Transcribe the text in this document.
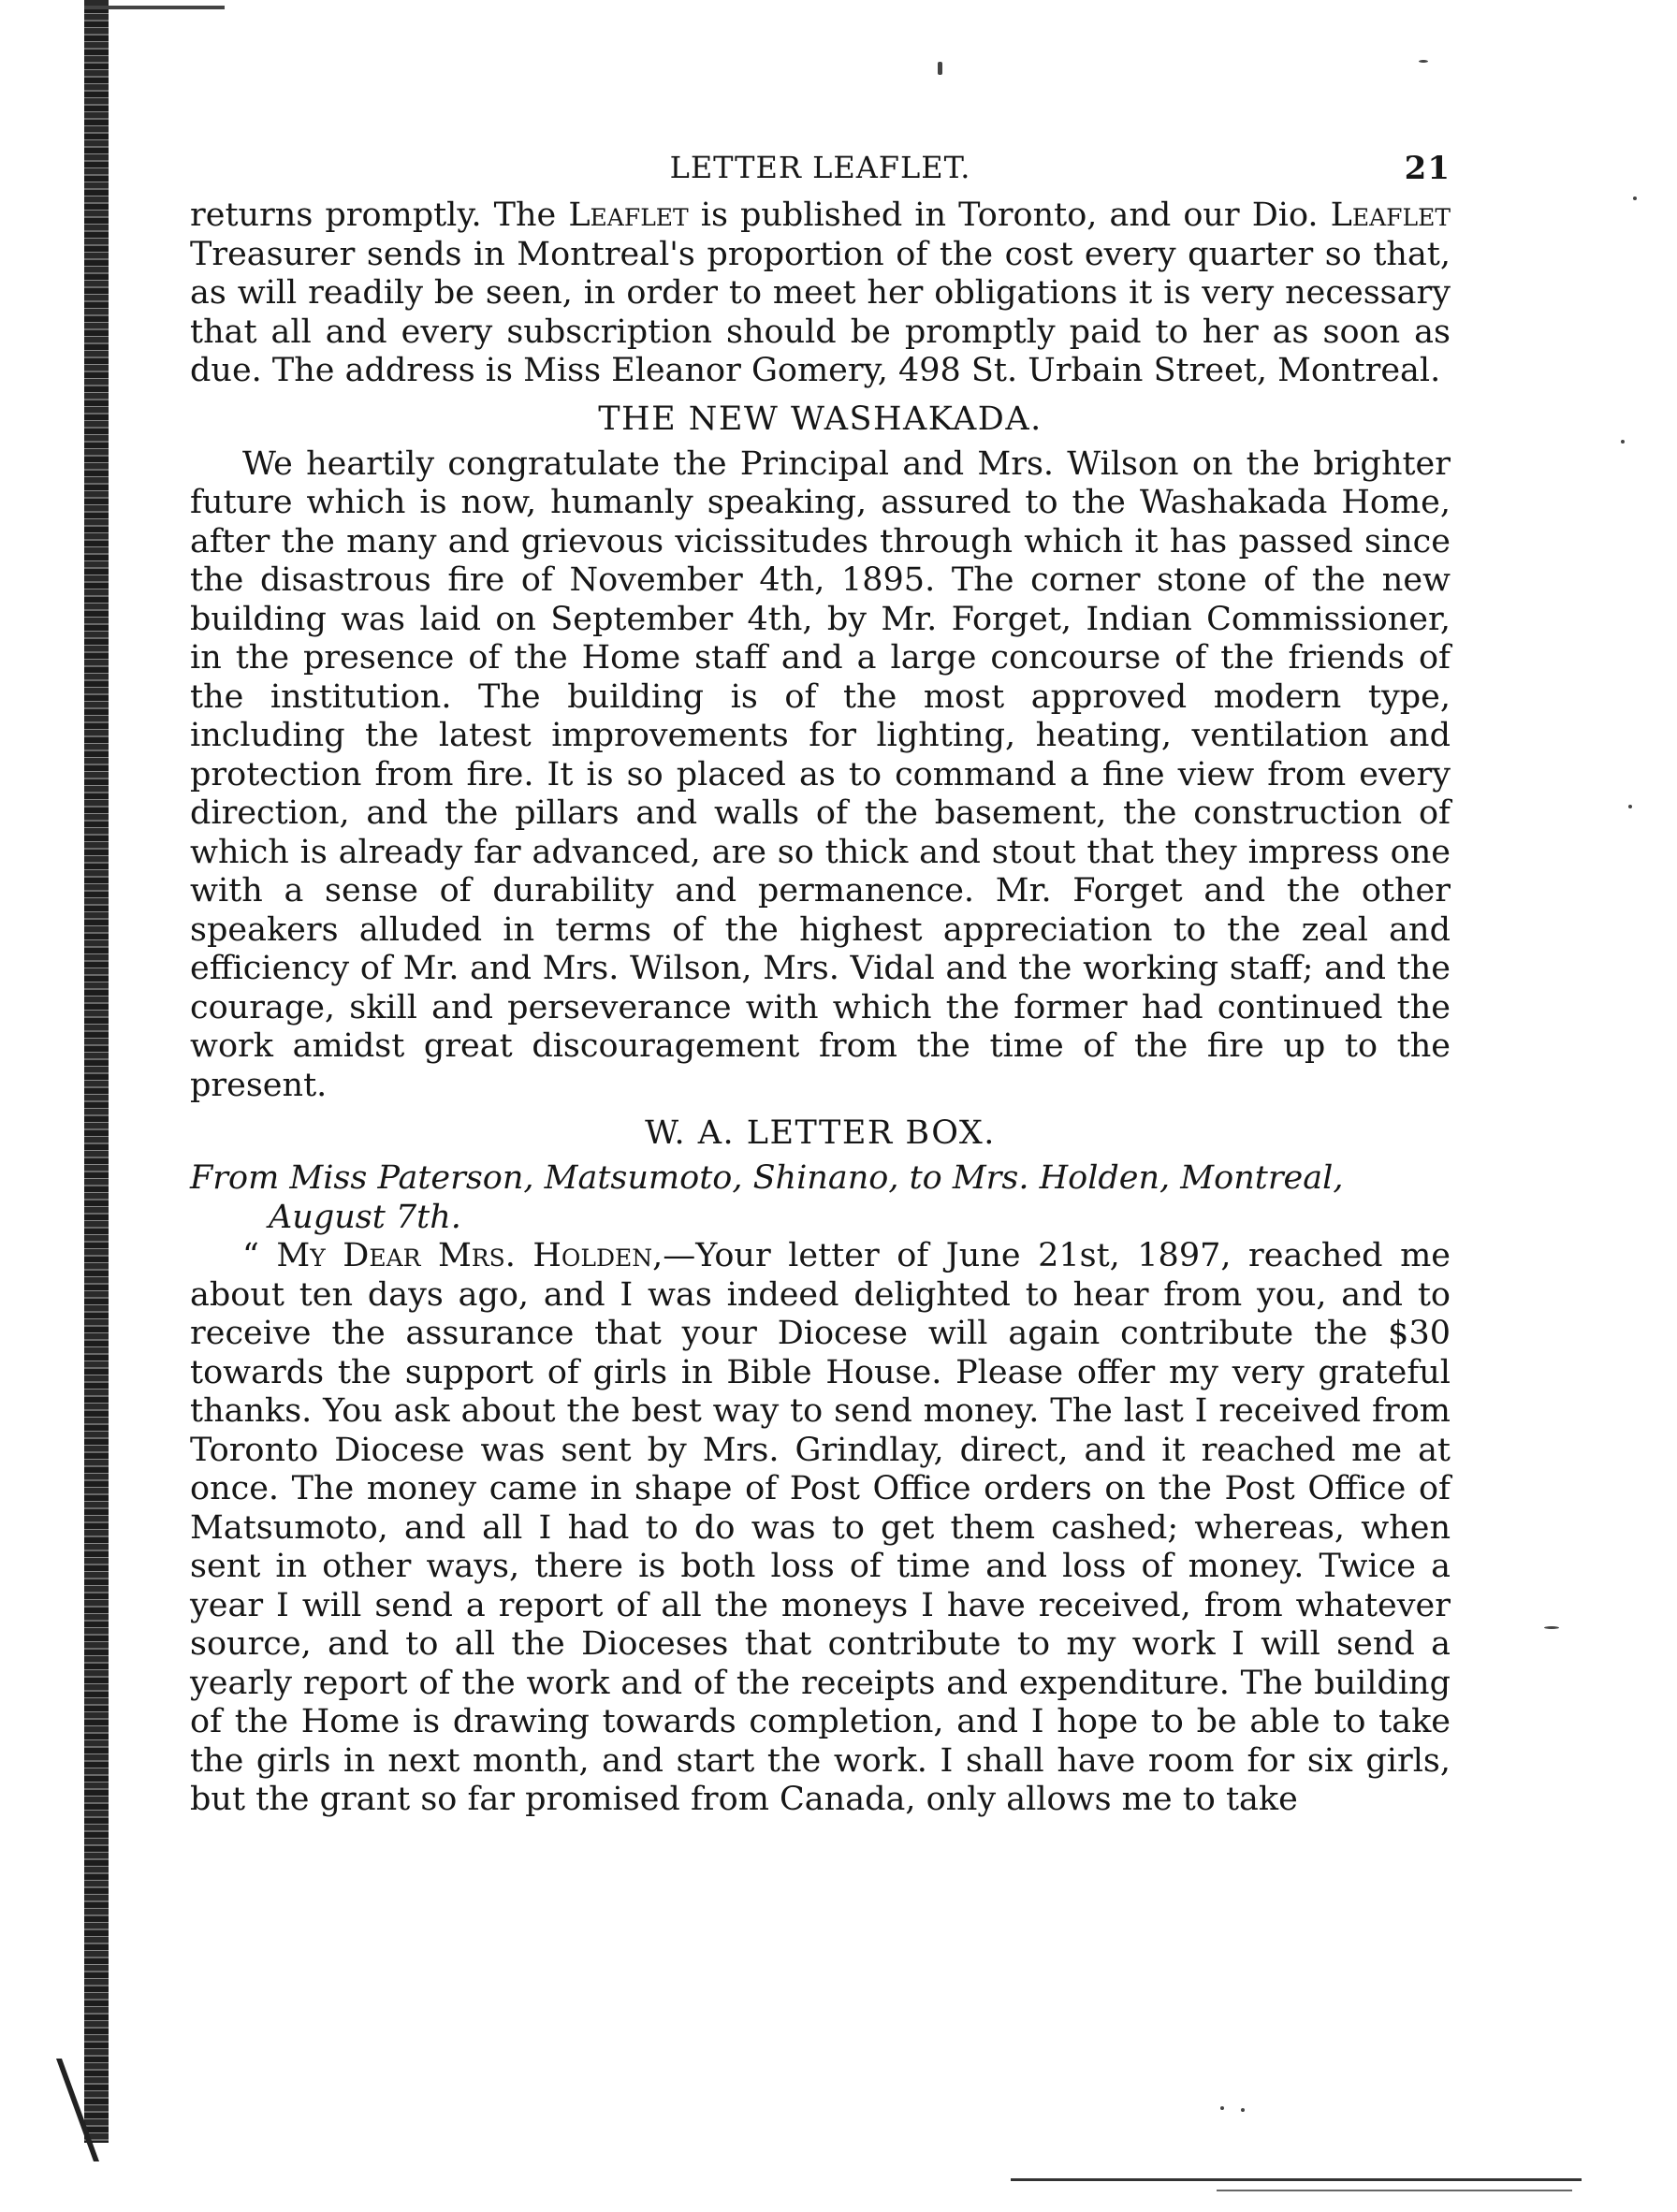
LETTER LEAFLET.	21

returns promptly. The Leaflet is published in Toronto, and our Dio. Leaflet Treasurer sends in Montreal's proportion of the cost every quarter so that, as will readily be seen, in order to meet her obligations it is very necessary that all and every subscription should be promptly paid to her as soon as due. The address is Miss Eleanor Gomery, 498 St. Urbain Street, Montreal.

THE NEW WASHAKADA.

We heartily congratulate the Principal and Mrs. Wilson on the brighter future which is now, humanly speaking, assured to the Washakada Home, after the many and grievous vicissitudes through which it has passed since the disastrous fire of November 4th, 1895. The corner stone of the new building was laid on September 4th, by Mr. Forget, Indian Commissioner, in the presence of the Home staff and a large concourse of the friends of the institution. The building is of the most approved modern type, including the latest improvements for lighting, heating, ventilation and protection from fire. It is so placed as to command a fine view from every direction, and the pillars and walls of the basement, the construction of which is already far advanced, are so thick and stout that they impress one with a sense of durability and permanence. Mr. Forget and the other speakers alluded in terms of the highest appreciation to the zeal and efficiency of Mr. and Mrs. Wilson, Mrs. Vidal and the working staff; and the courage, skill and perseverance with which the former had continued the work amidst great discouragement from the time of the fire up to the present.

W. A. LETTER BOX.

From Miss Paterson, Matsumoto, Shinano, to Mrs. Holden, Montreal,
August 7th.

“ My Dear Mrs. Holden,—Your letter of June 21st, 1897, reached me about ten days ago, and I was indeed delighted to hear from you, and to receive the assurance that your Diocese will again contribute the $30 towards the support of girls in Bible House. Please offer my very grateful thanks. You ask about the best way to send money. The last I received from Toronto Diocese was sent by Mrs. Grindlay, direct, and it reached me at once. The money came in shape of Post Office orders on the Post Office of Matsumoto, and all I had to do was to get them cashed; whereas, when sent in other ways, there is both loss of time and loss of money. Twice a year I will send a report of all the moneys I have received, from whatever source, and to all the Dioceses that contribute to my work I will send a yearly report of the work and of the receipts and expenditure. The building of the Home is drawing towards completion, and I hope to be able to take the girls in next month, and start the work. I shall have room for six girls, but the grant so far promised from Canada, only allows me to take
